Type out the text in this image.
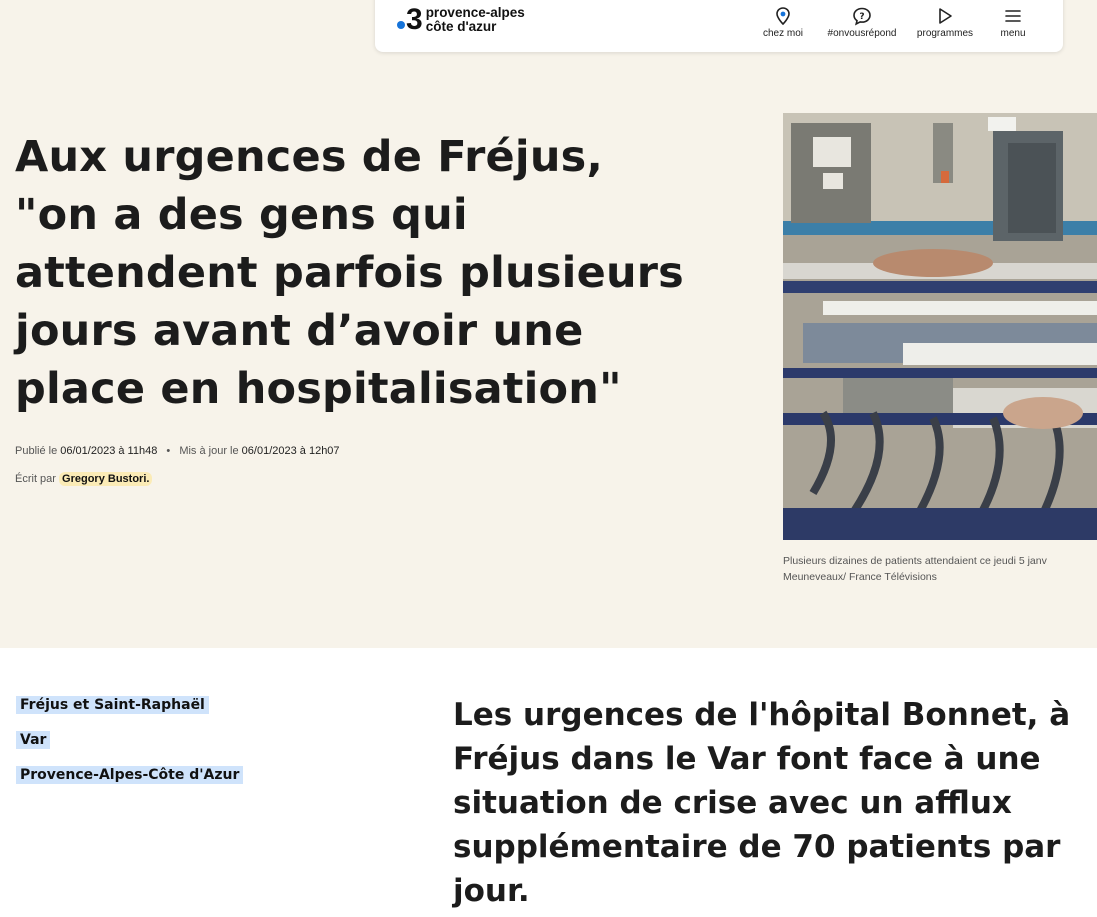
3 provence-alpes
côte d'azur	chez moi
?
#onvousrépond programmes	menu
Aux urgences de Fréjus, "on a des gens qui attendent parfois plusieurs jours avant d’avoir une place en hospitalisation"
Publié le 06/01/2023 à 11h48 • Mis à jour le 06/01/2023 à 12h07
Écrit par Gregory Bustori.
Plusieurs dizaines de patients attendaient ce jeudi 5 janv
Meuneveaux/ France Télévisions
Fréjus et Saint-Raphaël
Var
Provence-Alpes-Côte d'Azur

Les urgences de l'hôpital Bonnet, à Fréjus dans le Var font face à une situation de crise avec un afflux supplémentaire de 70 patients par jour.
